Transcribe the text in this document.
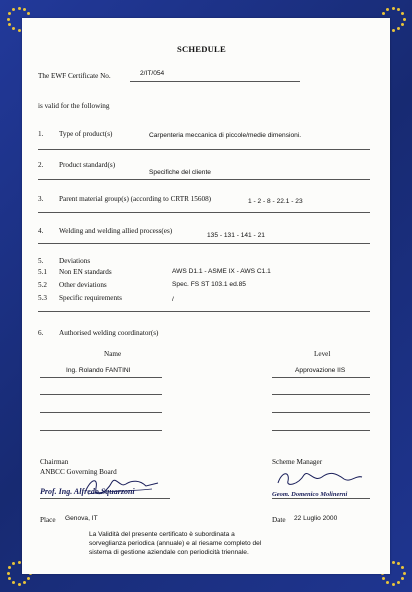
SCHEDULE
The EWF Certificate No.	2/IT/054
is valid for the following
1. Type of product(s)	Carpenteria meccanica di piccole/medie dimensioni.
2. Product standard(s)
Specifiche del cliente
3. Parent material group(s) (according to CRTR 15608)	1 - 2 - 8 - 22.1 - 23
4. Welding and welding allied process(es)
135 - 131 - 141 - 21
5. Deviations
5.1 Non EN standards	AWS D1.1 - ASME IX - AWS C1.1
5.2 Other deviations	Spec. FS ST 103.1 ed.85
5.3 Specific requirements	/
6. Authorised welding coordinator(s)
Name	Level
Ing. Rolando FANTINI	Approvazione IIS
Chairman
ANBCC Governing Board
Scheme Manager
Prof. Ing. Alfredo Squarzoni	Geom. Domenico Molinerni
Place Genova, IT	Date 22 Luglio 2000
La Validità del presente certificato è subordinata a
sorveglianza periodica (annuale) e al riesame completo del
sistema di gestione aziendale con periodicità triennale.
